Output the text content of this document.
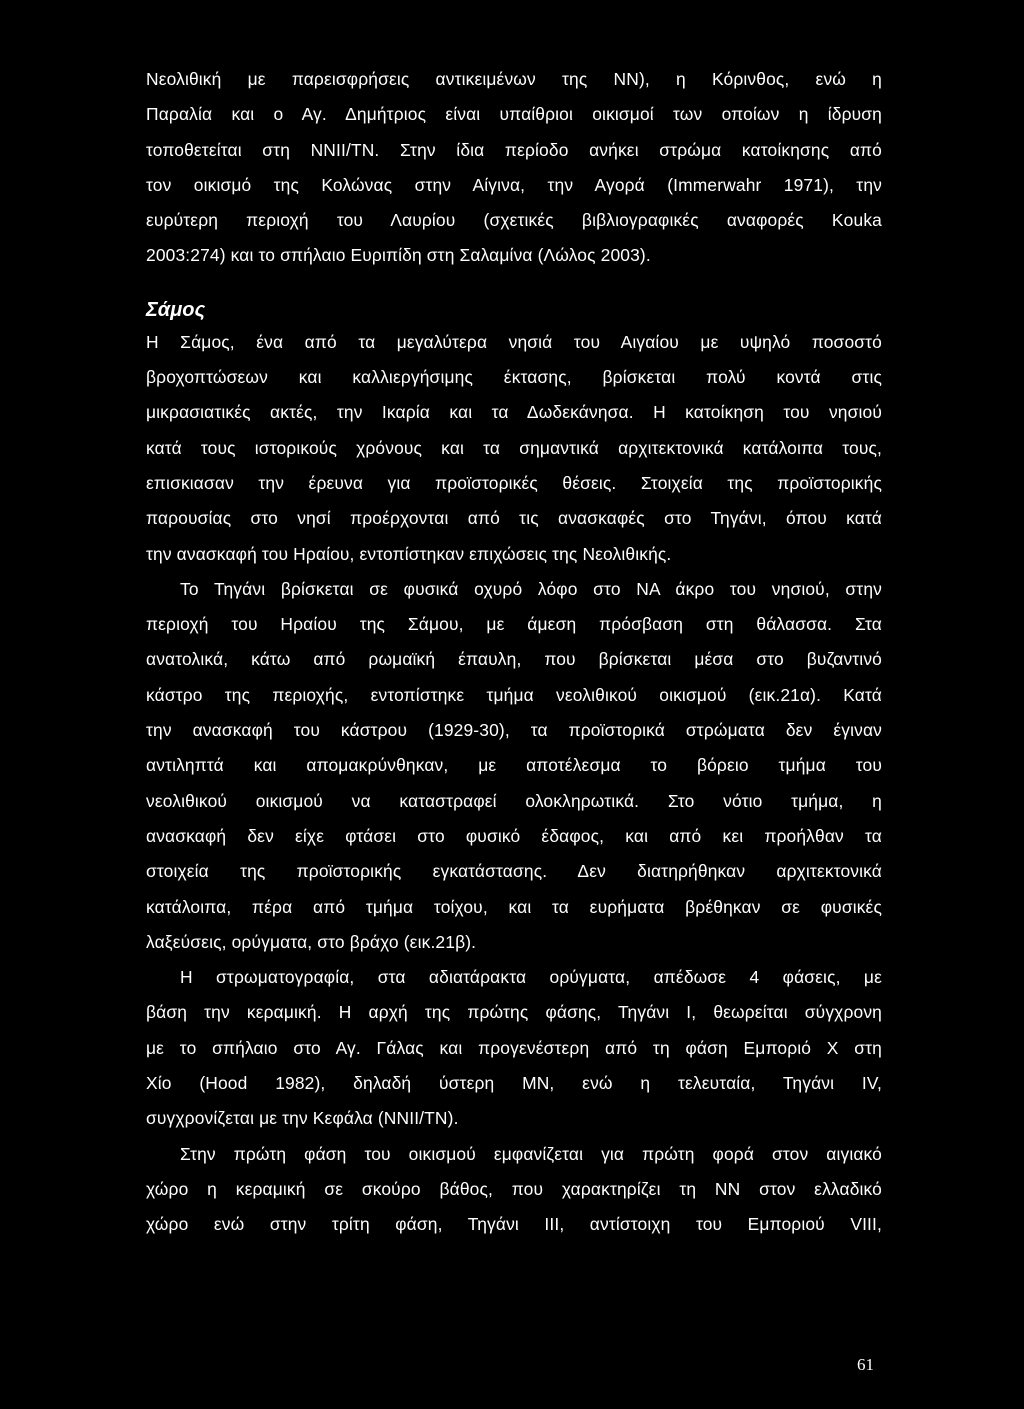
Νεολιθική με παρεισφρήσεις αντικειμένων της ΝΝ), η Κόρινθος, ενώ η
Παραλία και ο Αγ. Δημήτριος είναι υπαίθριοι οικισμοί των οποίων η ίδρυση
τοποθετείται στη ΝΝΙΙ/ΤΝ. Στην ίδια περίοδο ανήκει στρώμα κατοίκησης από
τον οικισμό της Κολώνας στην Αίγινα, την Αγορά (Immerwahr 1971), την
ευρύτερη περιοχή του Λαυρίου (σχετικές βιβλιογραφικές αναφορές Kouka
2003:274) και το σπήλαιο Ευριπίδη στη Σαλαμίνα (Λώλος 2003).
Σάμος
Η Σάμος, ένα από τα μεγαλύτερα νησιά του Αιγαίου με υψηλό ποσοστό
βροχοπτώσεων και καλλιεργήσιμης έκτασης, βρίσκεται πολύ κοντά στις
μικρασιατικές ακτές, την Ικαρία και τα Δωδεκάνησα. Η κατοίκηση του νησιού
κατά τους ιστορικούς χρόνους και τα σημαντικά αρχιτεκτονικά κατάλοιπα τους,
επισκιασαν την έρευνα για προϊστορικές θέσεις. Στοιχεία της προϊστορικής
παρουσίας στο νησί προέρχονται από τις ανασκαφές στο Τηγάνι, όπου κατά
την ανασκαφή του Ηραίου, εντοπίστηκαν επιχώσεις της Νεολιθικής.
Το Τηγάνι βρίσκεται σε φυσικά οχυρό λόφο στο ΝΑ άκρο του νησιού, στην
περιοχή του Ηραίου της Σάμου, με άμεση πρόσβαση στη θάλασσα. Στα
ανατολικά, κάτω από ρωμαϊκή έπαυλη, που βρίσκεται μέσα στο βυζαντινό
κάστρο της περιοχής, εντοπίστηκε τμήμα νεολιθικού οικισμού (εικ.21α). Κατά
την ανασκαφή του κάστρου (1929-30), τα προϊστορικά στρώματα δεν έγιναν
αντιληπτά και απομακρύνθηκαν, με αποτέλεσμα το βόρειο τμήμα του
νεολιθικού οικισμού να καταστραφεί ολοκληρωτικά. Στο νότιο τμήμα, η
ανασκαφή δεν είχε φτάσει στο φυσικό έδαφος, και από κει προήλθαν τα
στοιχεία της προϊστορικής εγκατάστασης. Δεν διατηρήθηκαν αρχιτεκτονικά
κατάλοιπα, πέρα από τμήμα τοίχου, και τα ευρήματα βρέθηκαν σε φυσικές
λαξεύσεις, ορύγματα, στο βράχο (εικ.21β).
Η στρωματογραφία, στα αδιατάρακτα ορύγματα, απέδωσε 4 φάσεις, με
βάση την κεραμική. Η αρχή της πρώτης φάσης, Τηγάνι Ι, θεωρείται σύγχρονη
με το σπήλαιο στο Αγ. Γάλας και προγενέστερη από τη φάση Εμποριό Χ στη
Χίο (Hood 1982), δηλαδή ύστερη ΜΝ, ενώ η τελευταία, Τηγάνι IV,
συγχρονίζεται με την Κεφάλα (ΝΝΙΙ/ΤΝ).
Στην πρώτη φάση του οικισμού εμφανίζεται για πρώτη φορά στον αιγιακό
χώρο η κεραμική σε σκούρο βάθος, που χαρακτηρίζει τη ΝΝ στον ελλαδικό
χώρο ενώ στην τρίτη φάση, Τηγάνι ΙΙΙ, αντίστοιχη του Εμποριού VIII,
61
